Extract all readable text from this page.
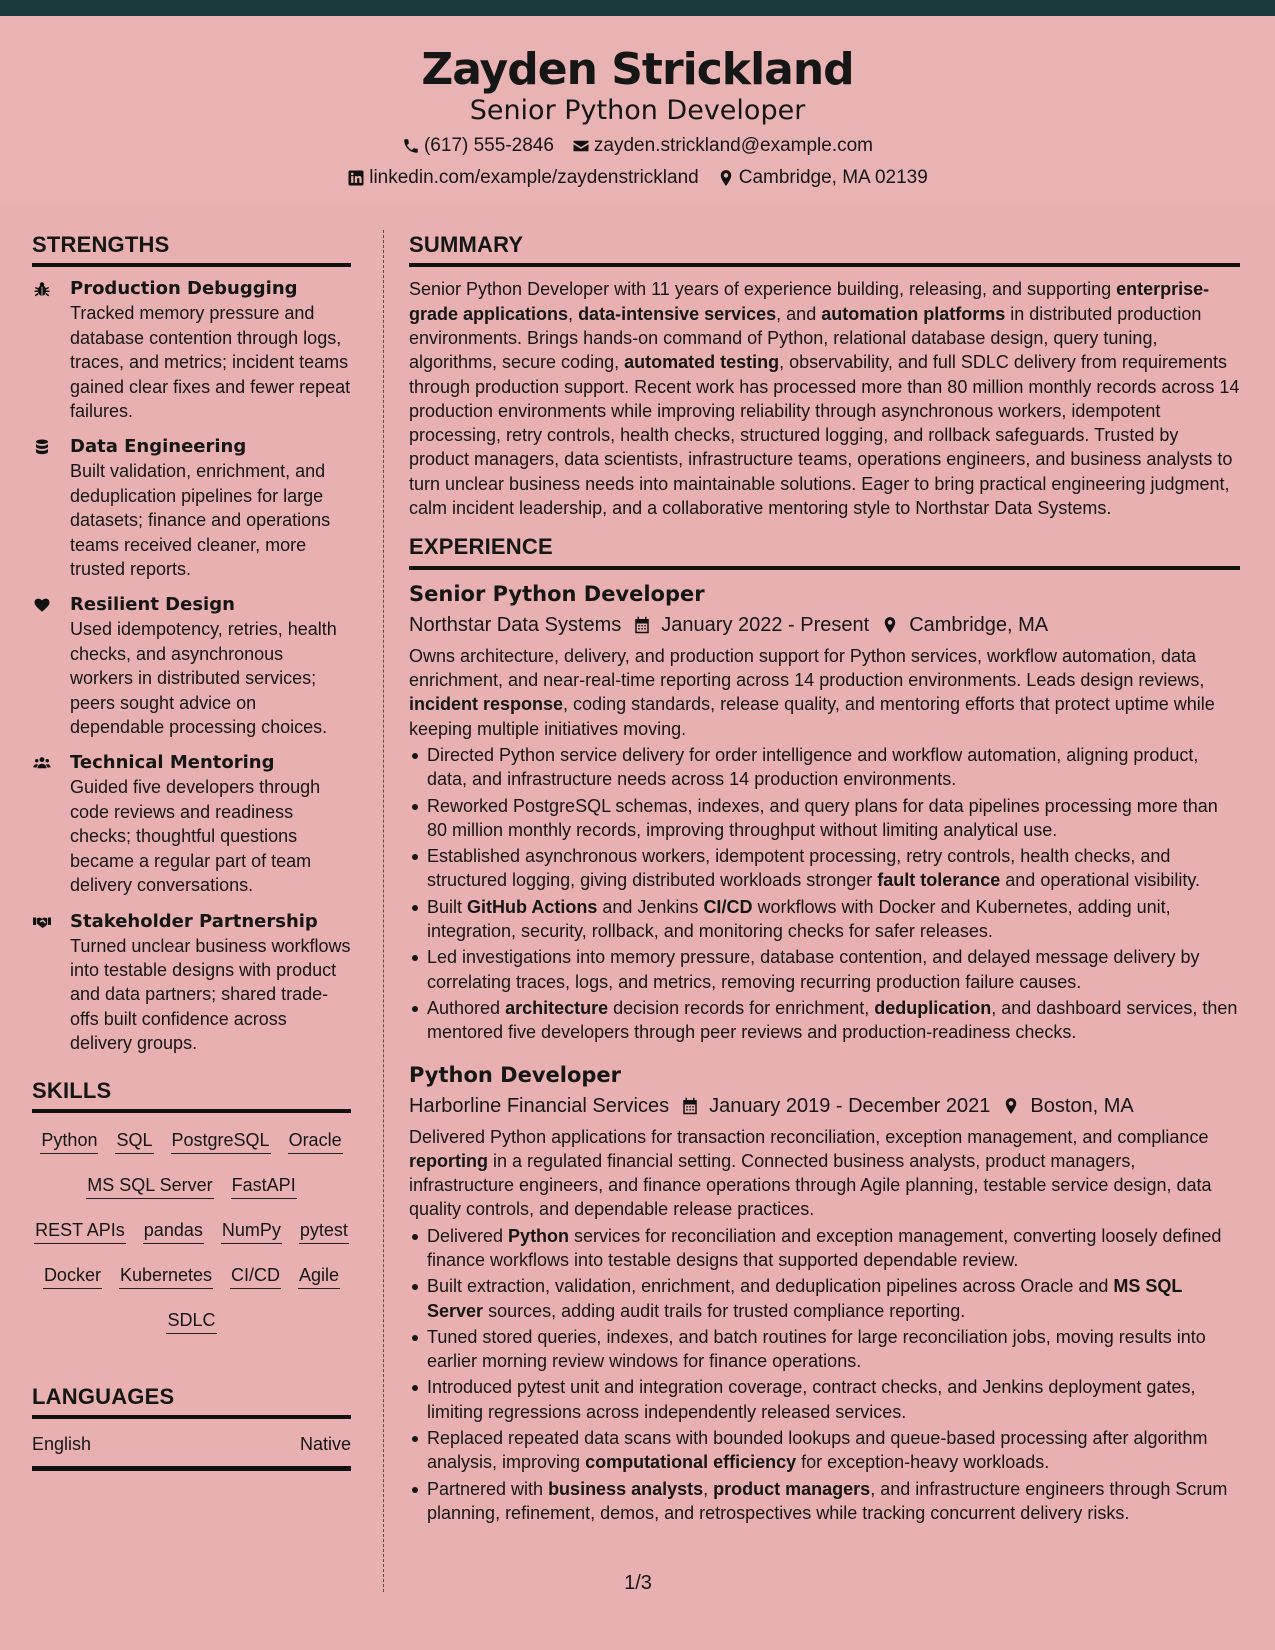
Zayden Strickland
Senior Python Developer
(617) 555-2846 zayden.strickland@example.com
linkedin.com/example/zaydenstrickland Cambridge, MA 02139
STRENGTHS
Production Debugging
Tracked memory pressure and database contention through logs, traces, and metrics; incident teams gained clear fixes and fewer repeat failures.
Data Engineering
Built validation, enrichment, and deduplication pipelines for large datasets; finance and operations teams received cleaner, more trusted reports.
Resilient Design
Used idempotency, retries, health checks, and asynchronous workers in distributed services; peers sought advice on dependable processing choices.
Technical Mentoring
Guided five developers through code reviews and readiness checks; thoughtful questions became a regular part of team delivery conversations.
Stakeholder Partnership
Turned unclear business workflows into testable designs with product and data partners; shared trade-offs built confidence across delivery groups.
SKILLS
Python SQL PostgreSQL Oracle
MS SQL Server FastAPI
REST APIs pandas NumPy pytest
Docker Kubernetes CI/CD Agile
SDLC
LANGUAGES
English	Native
SUMMARY

Senior Python Developer with 11 years of experience building, releasing, and supporting enterprise-grade applications, data-intensive services, and automation platforms in distributed production environments. Brings hands-on command of Python, relational database design, query tuning, algorithms, secure coding, automated testing, observability, and full SDLC delivery from requirements through production support. Recent work has processed more than 80 million monthly records across 14 production environments while improving reliability through asynchronous workers, idempotent processing, retry controls, health checks, structured logging, and rollback safeguards. Trusted by product managers, data scientists, infrastructure teams, operations engineers, and business analysts to turn unclear business needs into maintainable solutions. Eager to bring practical engineering judgment, calm incident leadership, and a collaborative mentoring style to Northstar Data Systems.

EXPERIENCE
Senior Python Developer
Northstar Data Systems January 2022 - Present Cambridge, MA

Owns architecture, delivery, and production support for Python services, workflow automation, data enrichment, and near-real-time reporting across 14 production environments. Leads design reviews, incident response, coding standards, release quality, and mentoring efforts that protect uptime while keeping multiple initiatives moving.

Directed Python service delivery for order intelligence and workflow automation, aligning product, data, and infrastructure needs across 14 production environments.
Reworked PostgreSQL schemas, indexes, and query plans for data pipelines processing more than 80 million monthly records, improving throughput without limiting analytical use.
Established asynchronous workers, idempotent processing, retry controls, health checks, and structured logging, giving distributed workloads stronger fault tolerance and operational visibility.
Built GitHub Actions and Jenkins CI/CD workflows with Docker and Kubernetes, adding unit, integration, security, rollback, and monitoring checks for safer releases.
Led investigations into memory pressure, database contention, and delayed message delivery by correlating traces, logs, and metrics, removing recurring production failure causes.
Authored architecture decision records for enrichment, deduplication, and dashboard services, then mentored five developers through peer reviews and production-readiness checks.
Python Developer
Harborline Financial Services January 2019 - December 2021 Boston, MA

Delivered Python applications for transaction reconciliation, exception management, and compliance reporting in a regulated financial setting. Connected business analysts, product managers, infrastructure engineers, and finance operations through Agile planning, testable service design, data quality controls, and dependable release practices.

Delivered Python services for reconciliation and exception management, converting loosely defined finance workflows into testable designs that supported dependable review.
Built extraction, validation, enrichment, and deduplication pipelines across Oracle and MS SQL Server sources, adding audit trails for trusted compliance reporting.
Tuned stored queries, indexes, and batch routines for large reconciliation jobs, moving results into earlier morning review windows for finance operations.
Introduced pytest unit and integration coverage, contract checks, and Jenkins deployment gates, limiting regressions across independently released services.
Replaced repeated data scans with bounded lookups and queue-based processing after algorithm analysis, improving computational efficiency for exception-heavy workloads.
Partnered with business analysts, product managers, and infrastructure engineers through Scrum planning, refinement, demos, and retrospectives while tracking concurrent delivery risks.
1/3
